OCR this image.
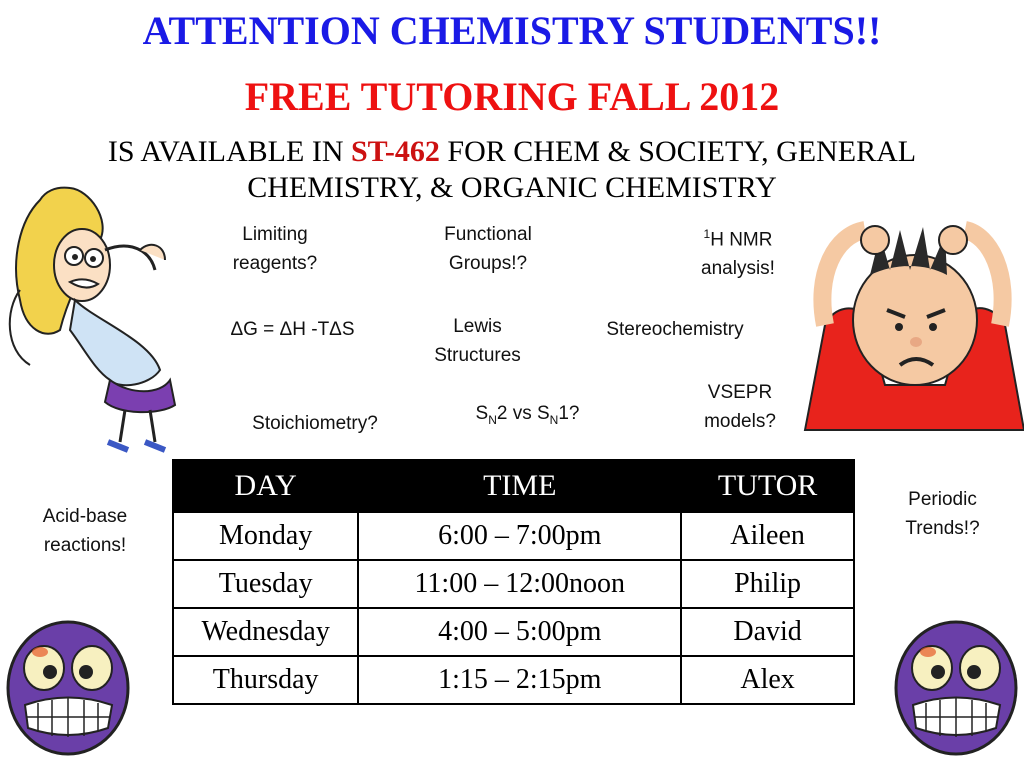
ATTENTION CHEMISTRY STUDENTS!!
FREE TUTORING FALL 2012
IS AVAILABLE IN ST-462 FOR CHEM & SOCIETY, GENERAL
CHEMISTRY, & ORGANIC CHEMISTRY
Limiting
reagents?
Functional
Groups!?
$^1$H NMR
analysis!
ΔG = ΔH -TΔS	Lewis
Structures
Stereochemistry
VSEPR
models?
Stoichiometry?	$S_N2$ vs $S_N1$?
Acid-base
reactions!
Periodic
Trends!?
DAY	TIME	TUTOR
Monday	6:00 – 7:00pm	Aileen
Tuesday	11:00 – 12:00noon	Philip
Wednesday	4:00 – 5:00pm	David
Thursday	1:15 – 2:15pm	Alex
